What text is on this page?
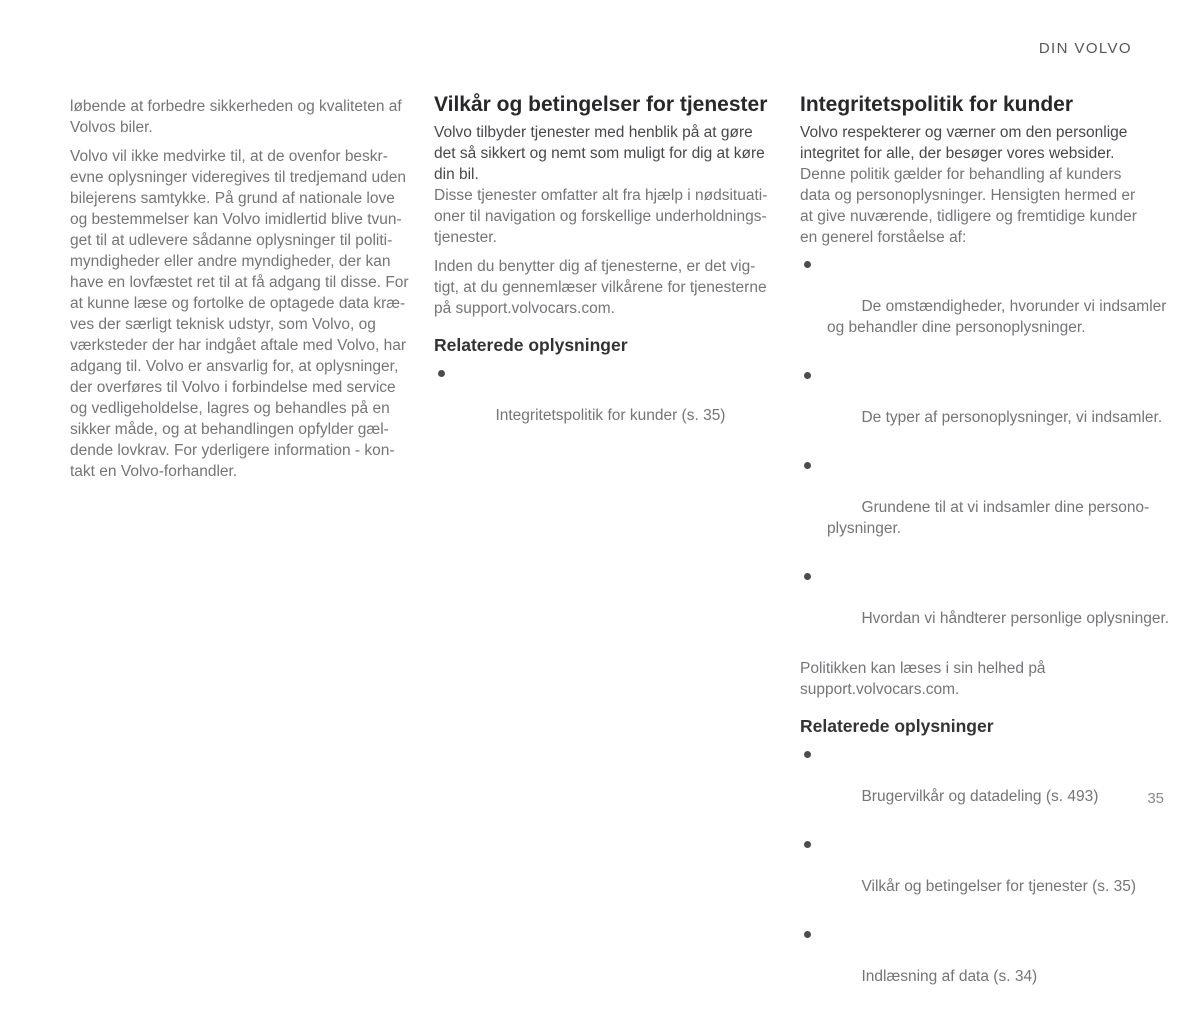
DIN VOLVO

løbende at forbedre sikkerheden og kvaliteten af
Volvos biler.

Volvo vil ikke medvirke til, at de ovenfor beskr-
evne oplysninger videregives til tredjemand uden
bilejerens samtykke. På grund af nationale love
og bestemmelser kan Volvo imidlertid blive tvun-
get til at udlevere sådanne oplysninger til politi-
myndigheder eller andre myndigheder, der kan
have en lovfæstet ret til at få adgang til disse. For
at kunne læse og fortolke de optagede data kræ-
ves der særligt teknisk udstyr, som Volvo, og
værksteder der har indgået aftale med Volvo, har
adgang til. Volvo er ansvarlig for, at oplysninger,
der overføres til Volvo i forbindelse med service
og vedligeholdelse, lagres og behandles på en
sikker måde, og at behandlingen opfylder gæl-
dende lovkrav. For yderligere information - kon-
takt en Volvo-forhandler.

Vilkår og betingelser for tjenester

Volvo tilbyder tjenester med henblik på at gøre
det så sikkert og nemt som muligt for dig at køre
din bil.

Disse tjenester omfatter alt fra hjælp i nødsituati-
oner til navigation og forskellige underholdnings-
tjenester.

Inden du benytter dig af tjenesterne, er det vig-
tigt, at du gennemlæser vilkårene for tjenesterne
på support.volvocars.com.

Relaterede oplysninger

Integritetspolitik for kunder (s. 35)

Integritetspolitik for kunder

Volvo respekterer og værner om den personlige
integritet for alle, der besøger vores websider.

Denne politik gælder for behandling af kunders
data og personoplysninger. Hensigten hermed er
at give nuværende, tidligere og fremtidige kunder
en generel forståelse af:

De omstændigheder, hvorunder vi indsamler
og behandler dine personoplysninger.

De typer af personoplysninger, vi indsamler.

Grundene til at vi indsamler dine persono-
plysninger.

Hvordan vi håndterer personlige oplysninger.

Politikken kan læses i sin helhed på
support.volvocars.com.

Relaterede oplysninger

Brugervilkår og datadeling (s. 493)

Vilkår og betingelser for tjenester (s. 35)

Indlæsning af data (s. 34)

35
